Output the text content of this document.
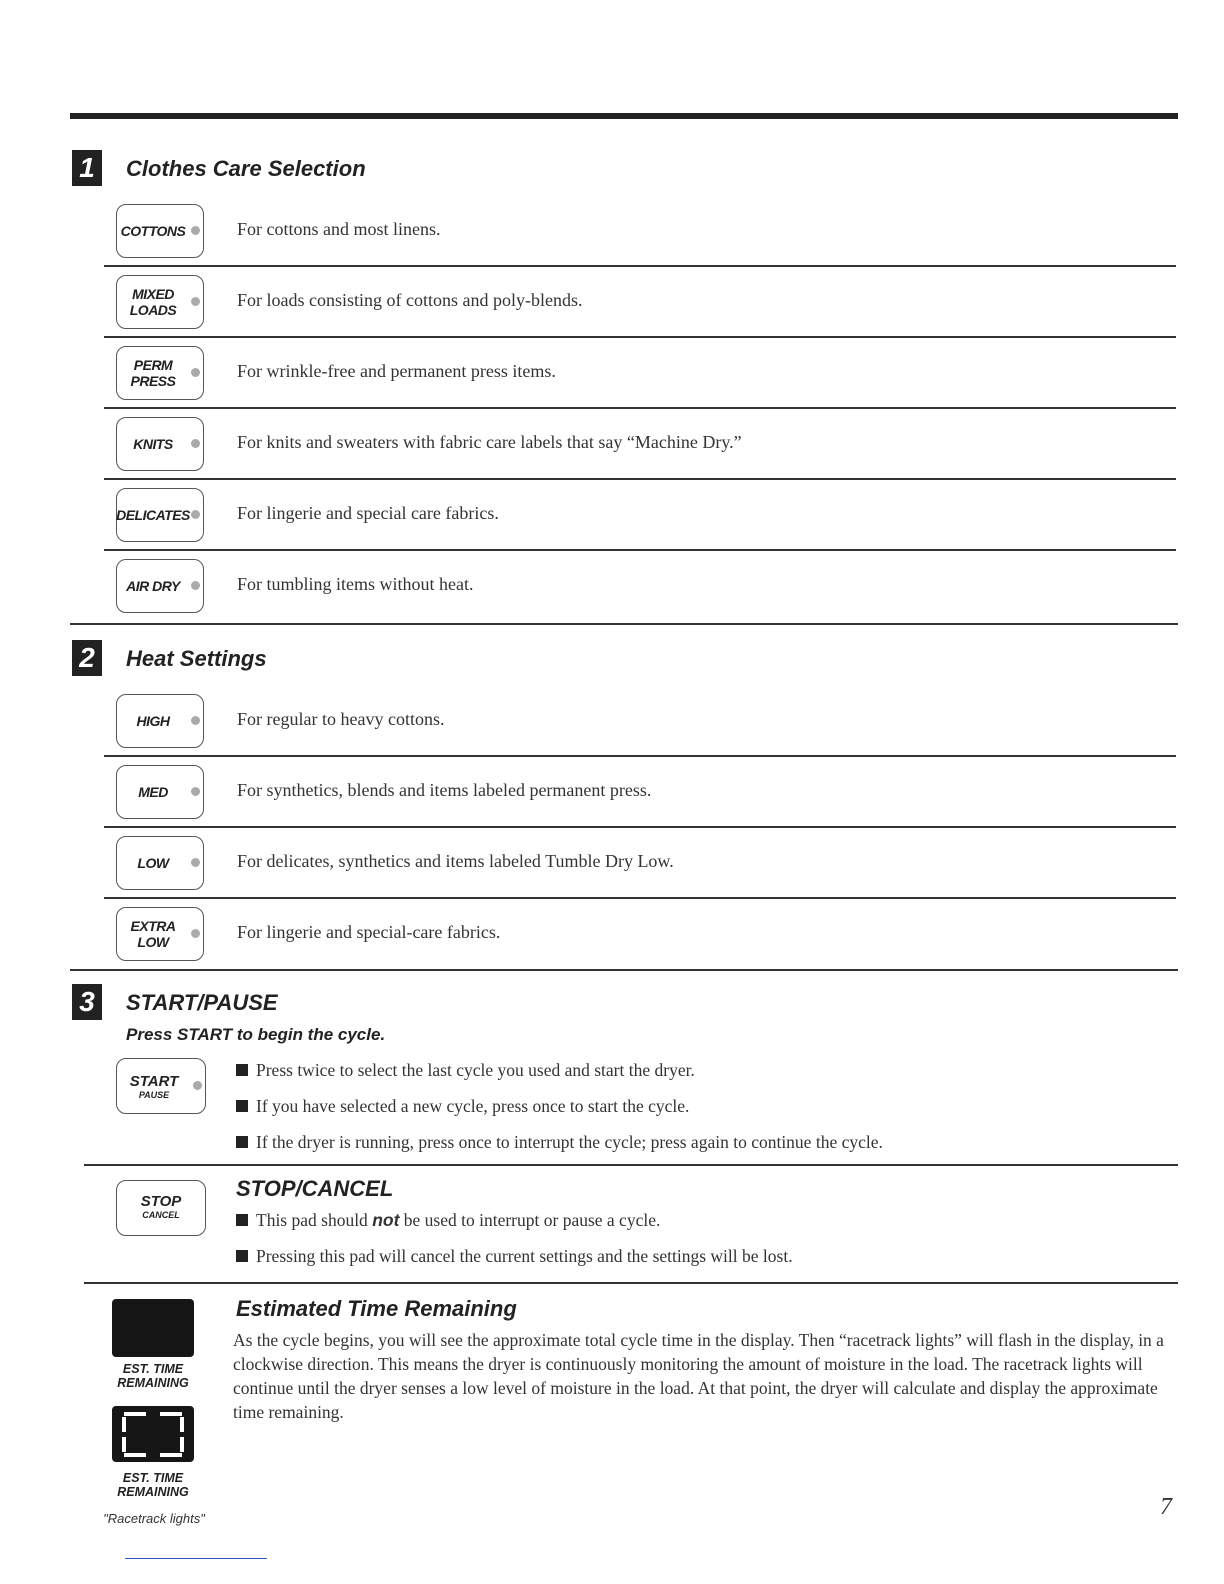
1	Clothes Care Selection
COTTONS	For cottons and most linens.
MIXED
LOADS	For loads consisting of cottons and poly-blends.
PERM
PRESS	For wrinkle-free and permanent press items.
KNITS	For knits and sweaters with fabric care labels that say “Machine Dry.”
DELICATES	For lingerie and special care fabrics.
AIR DRY	For tumbling items without heat.
2	Heat Settings
HIGH	For regular to heavy cottons.
MED	For synthetics, blends and items labeled permanent press.
LOW	For delicates, synthetics and items labeled Tumble Dry Low.
EXTRA
LOW	For lingerie and special-care fabrics.
3	START/PAUSE
Press START to begin the cycle.
START
PAUSE
Press twice to select the last cycle you used and start the dryer.
If you have selected a new cycle, press once to start the cycle.
If the dryer is running, press once to interrupt the cycle; press again to continue the cycle.
STOP
CANCEL
STOP/CANCEL
This pad should not be used to interrupt or pause a cycle.
Pressing this pad will cancel the current settings and the settings will be lost.
EST. TIME
REMAINING
EST. TIME
REMAINING
"Racetrack lights"
Estimated Time Remaining
As the cycle begins, you will see the approximate total cycle time in the display. Then “racetrack lights” will flash in the display, in a clockwise direction. This means the dryer is continuously monitoring the amount of moisture in the load. The racetrack lights will continue until the dryer senses a low level of moisture in the load. At that point, the dryer will calculate and display the approximate time remaining.
7
